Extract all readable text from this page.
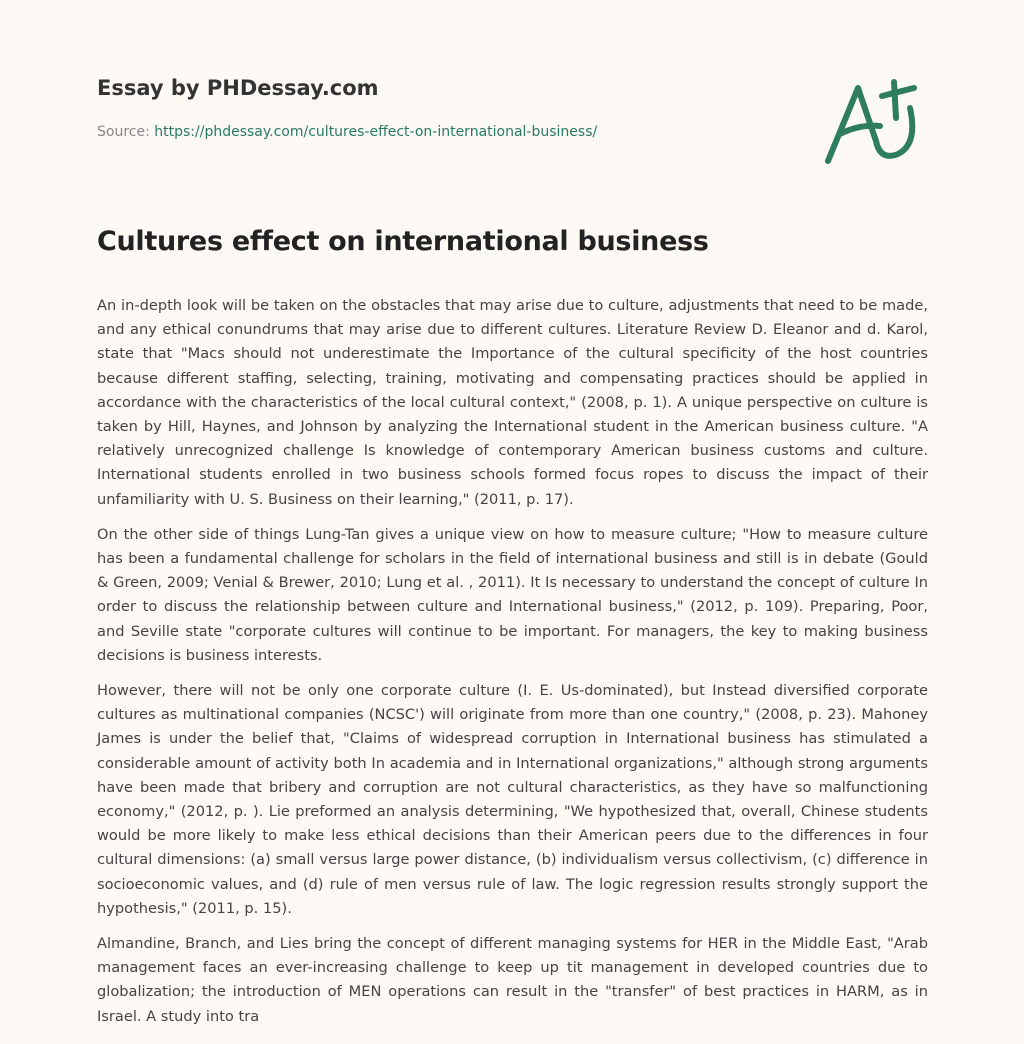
Essay by PHDessay.com
Source: https://phdessay.com/cultures-effect-on-international-business/
Cultures effect on international business

An in-depth look will be taken on the obstacles that may arise due to culture, adjustments that need to be made, and any ethical conundrums that may arise due to different cultures. Literature Review D. Eleanor and d. Karol, state that "Macs should not underestimate the Importance of the cultural specificity of the host countries because different staffing, selecting, training, motivating and compensating practices should be applied in accordance with the characteristics of the local cultural context," (2008, p. 1). A unique perspective on culture is taken by Hill, Haynes, and Johnson by analyzing the International student in the American business culture. "A relatively unrecognized challenge Is knowledge of contemporary American business customs and culture. International students enrolled in two business schools formed focus ropes to discuss the impact of their unfamiliarity with U. S. Business on their learning," (2011, p. 17).

On the other side of things Lung-Tan gives a unique view on how to measure culture; "How to measure culture has been a fundamental challenge for scholars in the field of international business and still is in debate (Gould & Green, 2009; Venial & Brewer, 2010; Lung et al. , 2011). It Is necessary to understand the concept of culture In order to discuss the relationship between culture and International business," (2012, p. 109). Preparing, Poor, and Seville state "corporate cultures will continue to be important. For managers, the key to making business decisions is business interests.

However, there will not be only one corporate culture (I. E. Us-dominated), but Instead diversified corporate cultures as multinational companies (NCSC') will originate from more than one country," (2008, p. 23). Mahoney James is under the belief that, "Claims of widespread corruption in International business has stimulated a considerable amount of activity both In academia and in International organizations," although strong arguments have been made that bribery and corruption are not cultural characteristics, as they have so malfunctioning economy," (2012, p. ). Lie preformed an analysis determining, "We hypothesized that, overall, Chinese students would be more likely to make less ethical decisions than their American peers due to the differences in four cultural dimensions: (a) small versus large power distance, (b) individualism versus collectivism, (c) difference in socioeconomic values, and (d) rule of men versus rule of law. The logic regression results strongly support the hypothesis," (2011, p. 15).

Almandine, Branch, and Lies bring the concept of different managing systems for HER in the Middle East, "Arab management faces an ever-increasing challenge to keep up tit management in developed countries due to globalization; the introduction of MEN operations can result in the "transfer" of best practices in HARM, as in Israel. A study into tra
